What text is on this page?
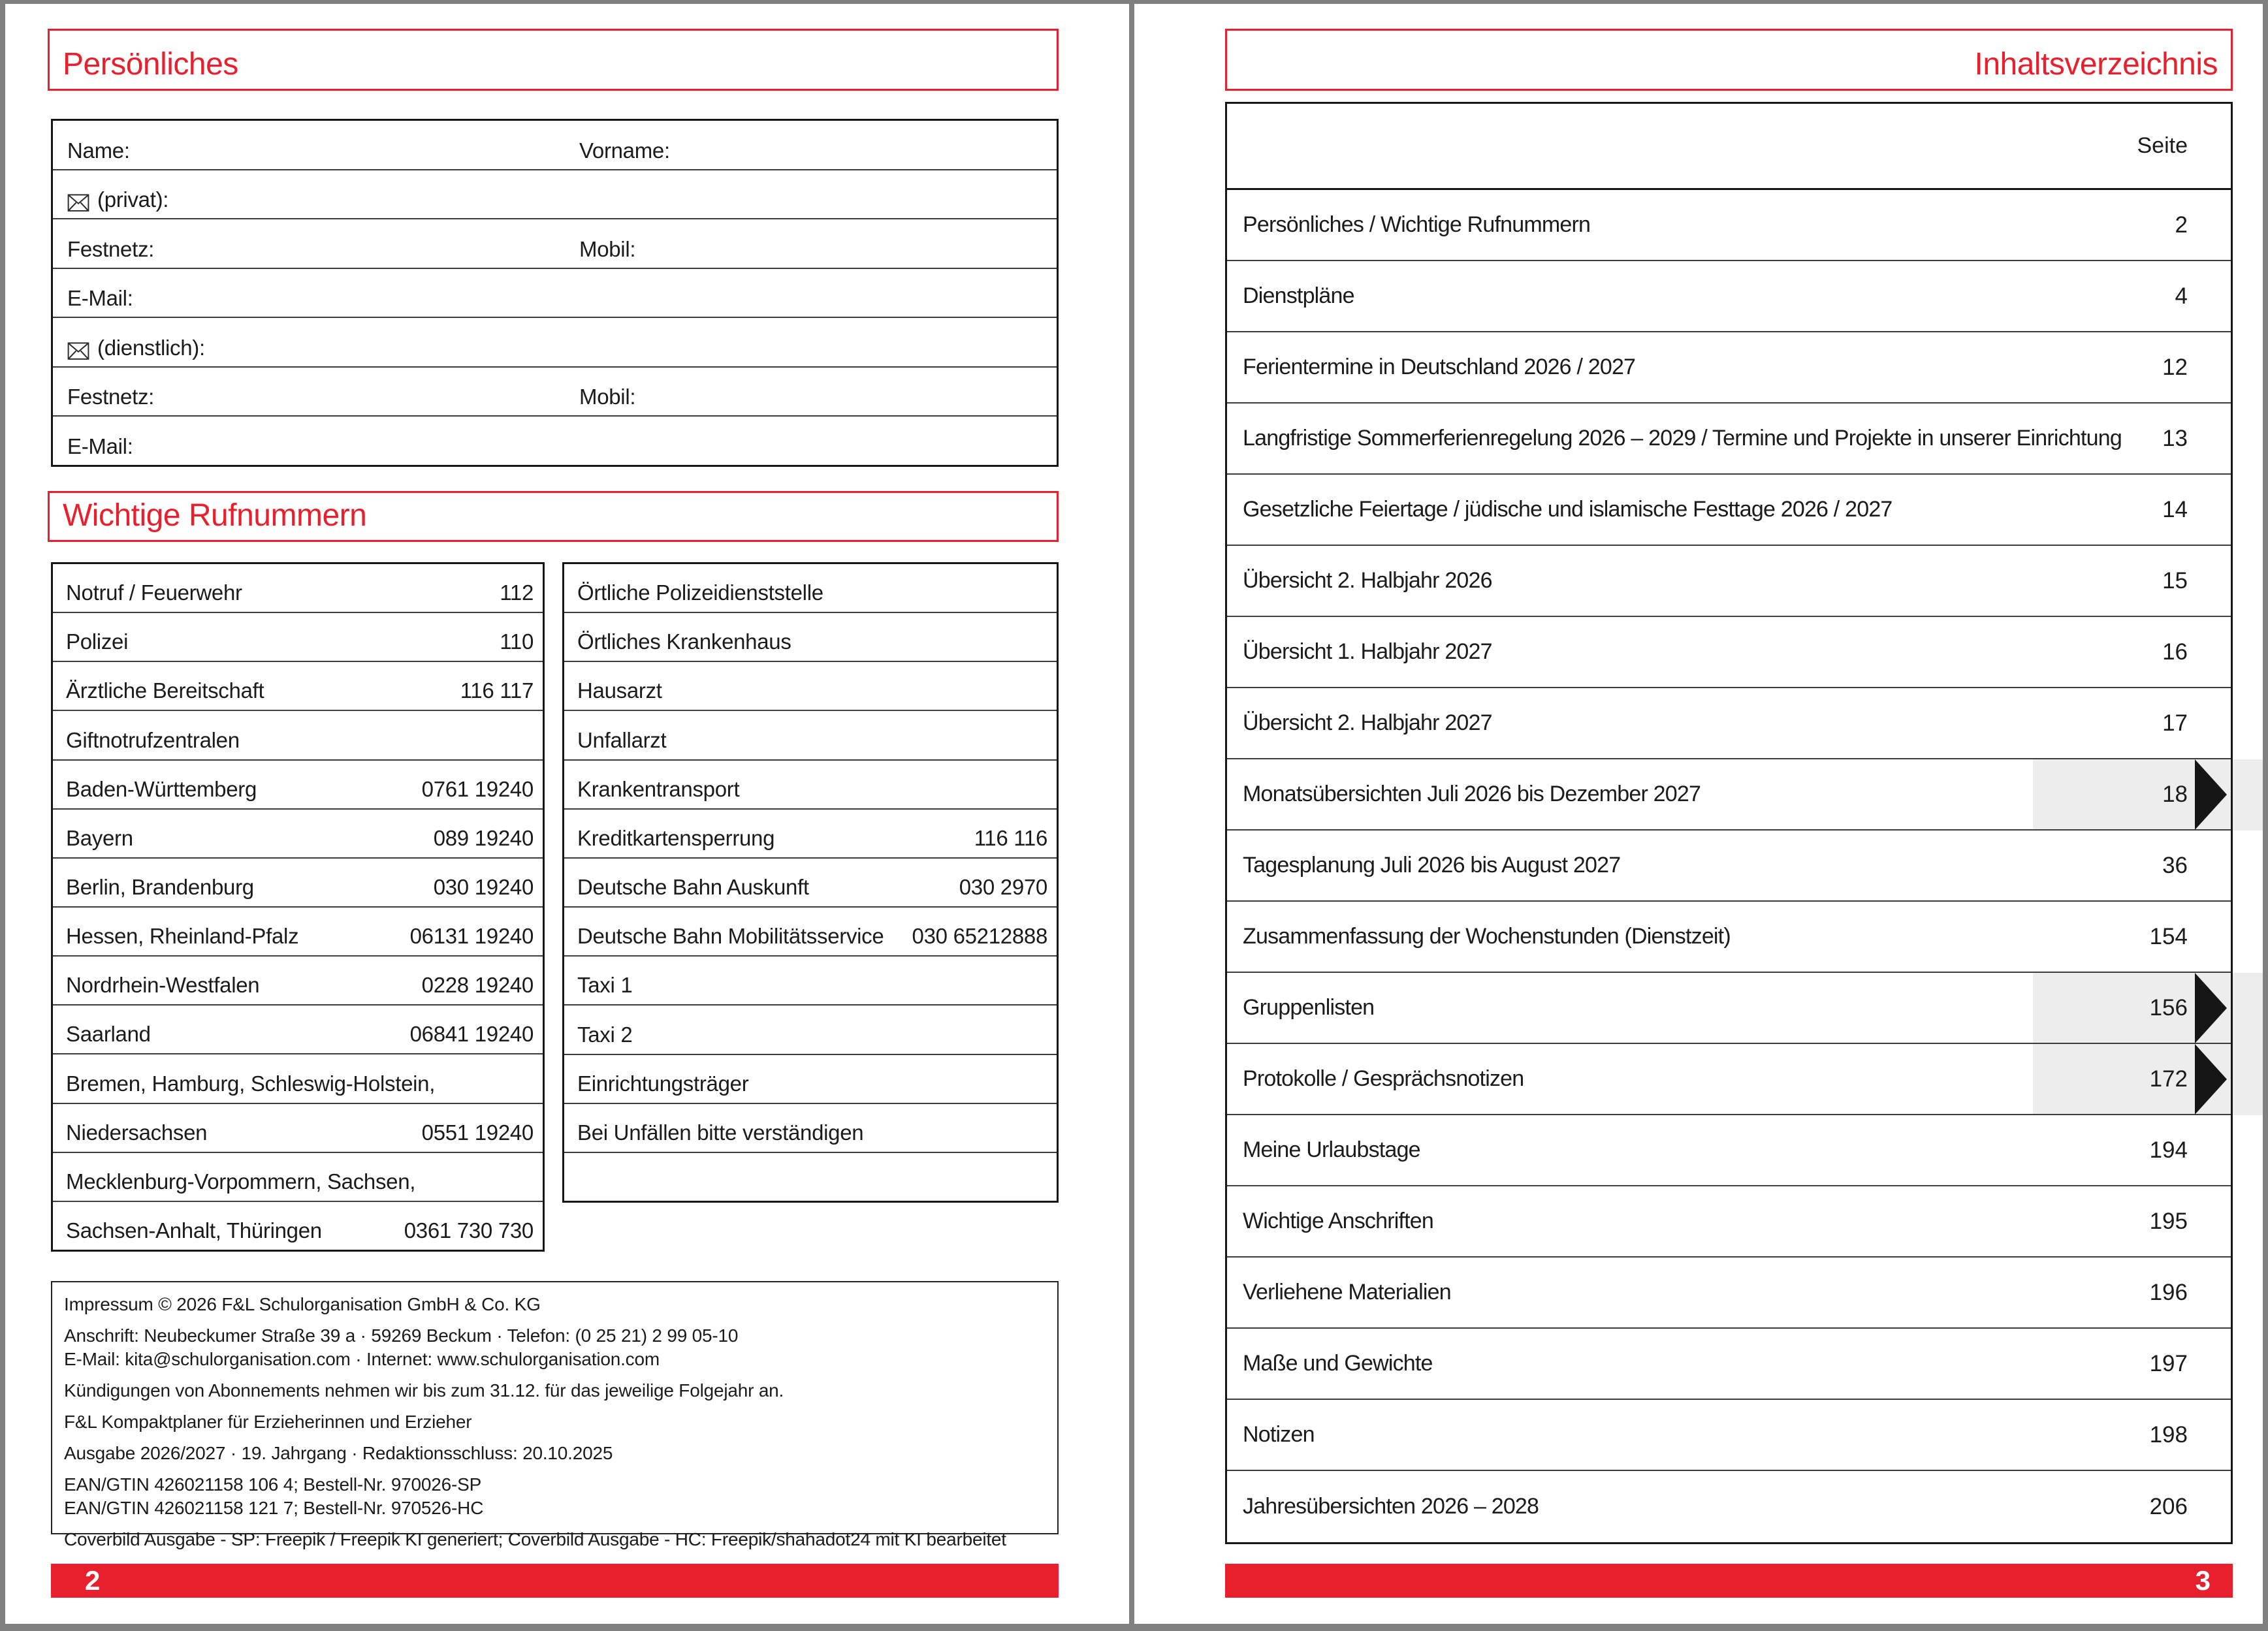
Persönliches
Name:	Vorname:
(privat):
Festnetz:	Mobil:
E-Mail:
(dienstlich):
Festnetz:	Mobil:
E-Mail:
Wichtige Rufnummern
Notruf / Feuerwehr	112
Polizei	110
Ärztliche Bereitschaft	116 117
Giftnotrufzentralen
Baden-Württemberg	0761 19240
Bayern	089 19240
Berlin, Brandenburg	030 19240
Hessen, Rheinland-Pfalz	06131 19240
Nordrhein-Westfalen	0228 19240
Saarland	06841 19240
Bremen, Hamburg, Schleswig-Holstein,
Niedersachsen	0551 19240
Mecklenburg-Vorpommern, Sachsen,
Sachsen-Anhalt, Thüringen	0361 730 730
Örtliche Polizeidienststelle
Örtliches Krankenhaus
Hausarzt
Unfallarzt
Krankentransport
Kreditkartensperrung	116 116
Deutsche Bahn Auskunft	030 2970
Deutsche Bahn Mobilitätsservice 030 65212888
Taxi 1
Taxi 2
Einrichtungsträger
Bei Unfällen bitte verständigen
Impressum © 2026 F&L Schulorganisation GmbH & Co. KG
Anschrift: Neubeckumer Straße 39 a · 59269 Beckum · Telefon: (0 25 21) 2 99 05-10
E-Mail: kita@schulorganisation.com · Internet: www.schulorganisation.com
Kündigungen von Abonnements nehmen wir bis zum 31.12. für das jeweilige Folgejahr an.
F&L Kompaktplaner für Erzieherinnen und Erzieher
Ausgabe 2026/2027 · 19. Jahrgang · Redaktionsschluss: 20.10.2025
EAN/GTIN 426021158 106 4; Bestell-Nr. 970026-SP
EAN/GTIN 426021158 121 7; Bestell-Nr. 970526-HC
Coverbild Ausgabe - SP: Freepik / Freepik KI generiert; Coverbild Ausgabe - HC: Freepik/shahadot24 mit KI bearbeitet
2
Inhaltsverzeichnis
Seite
Persönliches / Wichtige Rufnummern	2
Dienstpläne	4
Ferientermine in Deutschland 2026 / 2027	12
Langfristige Sommerferienregelung 2026 – 2029 / Termine und Projekte in unserer Einrichtung	13
Gesetzliche Feiertage / jüdische und islamische Festtage 2026 / 2027	14
Übersicht 2. Halbjahr 2026	15
Übersicht 1. Halbjahr 2027	16
Übersicht 2. Halbjahr 2027	17
Monatsübersichten Juli 2026 bis Dezember 2027	18
Tagesplanung Juli 2026 bis August 2027	36
Zusammenfassung der Wochenstunden (Dienstzeit)	154
Gruppenlisten	156
Protokolle / Gesprächsnotizen	172
Meine Urlaubstage	194
Wichtige Anschriften	195
Verliehene Materialien	196
Maße und Gewichte	197
Notizen	198
Jahresübersichten 2026 – 2028	206
3
